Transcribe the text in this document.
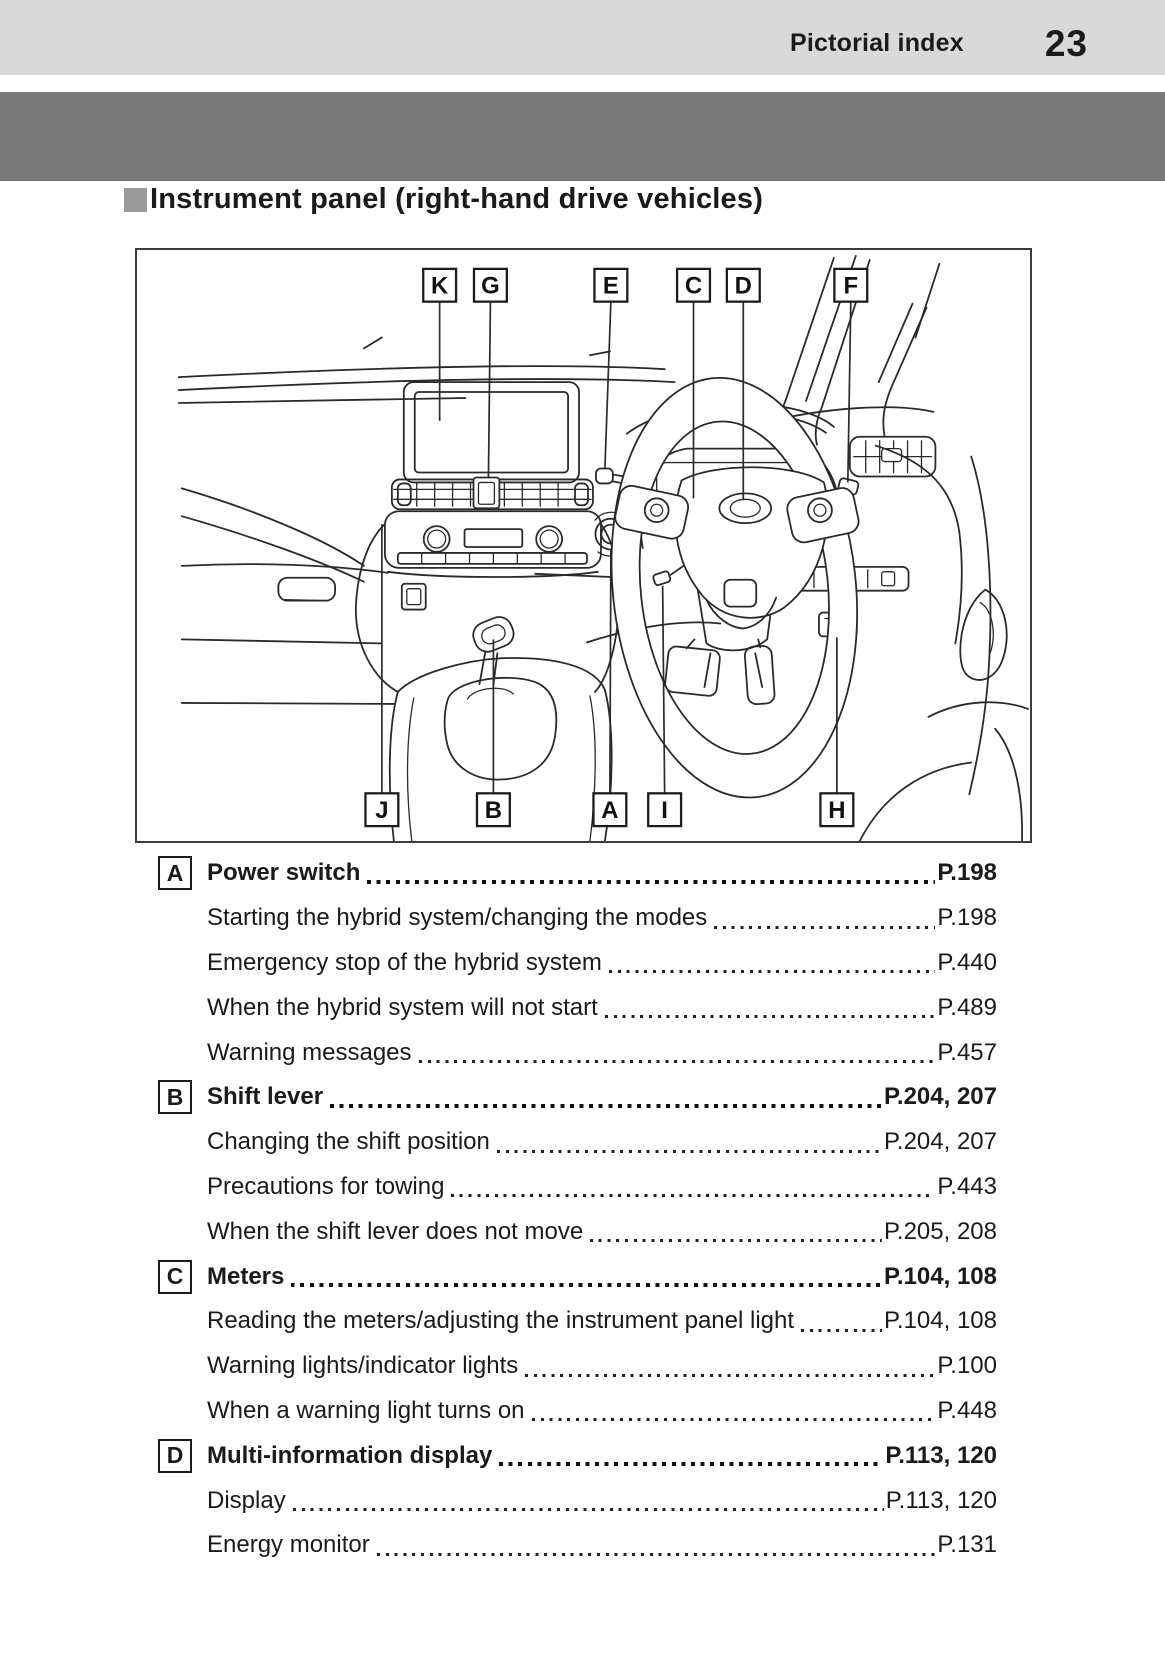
Pictorial index 23
Instrument panel (right-hand drive vehicles)
K G	E	C D	F
J	B	A I	H
A Power switch	P.198
Starting the hybrid system/changing the modes	P.198
Emergency stop of the hybrid system	P.440
When the hybrid system will not start	P.489
Warning messages	P.457
B Shift lever	P.204, 207
Changing the shift position	P.204, 207
Precautions for towing	P.443
When the shift lever does not move	P.205, 208
C Meters	P.104, 108
Reading the meters/adjusting the instrument panel light	P.104, 108
Warning lights/indicator lights	P.100
When a warning light turns on	P.448
D Multi-information display	P.113, 120
Display	P.113, 120
Energy monitor	P.131
